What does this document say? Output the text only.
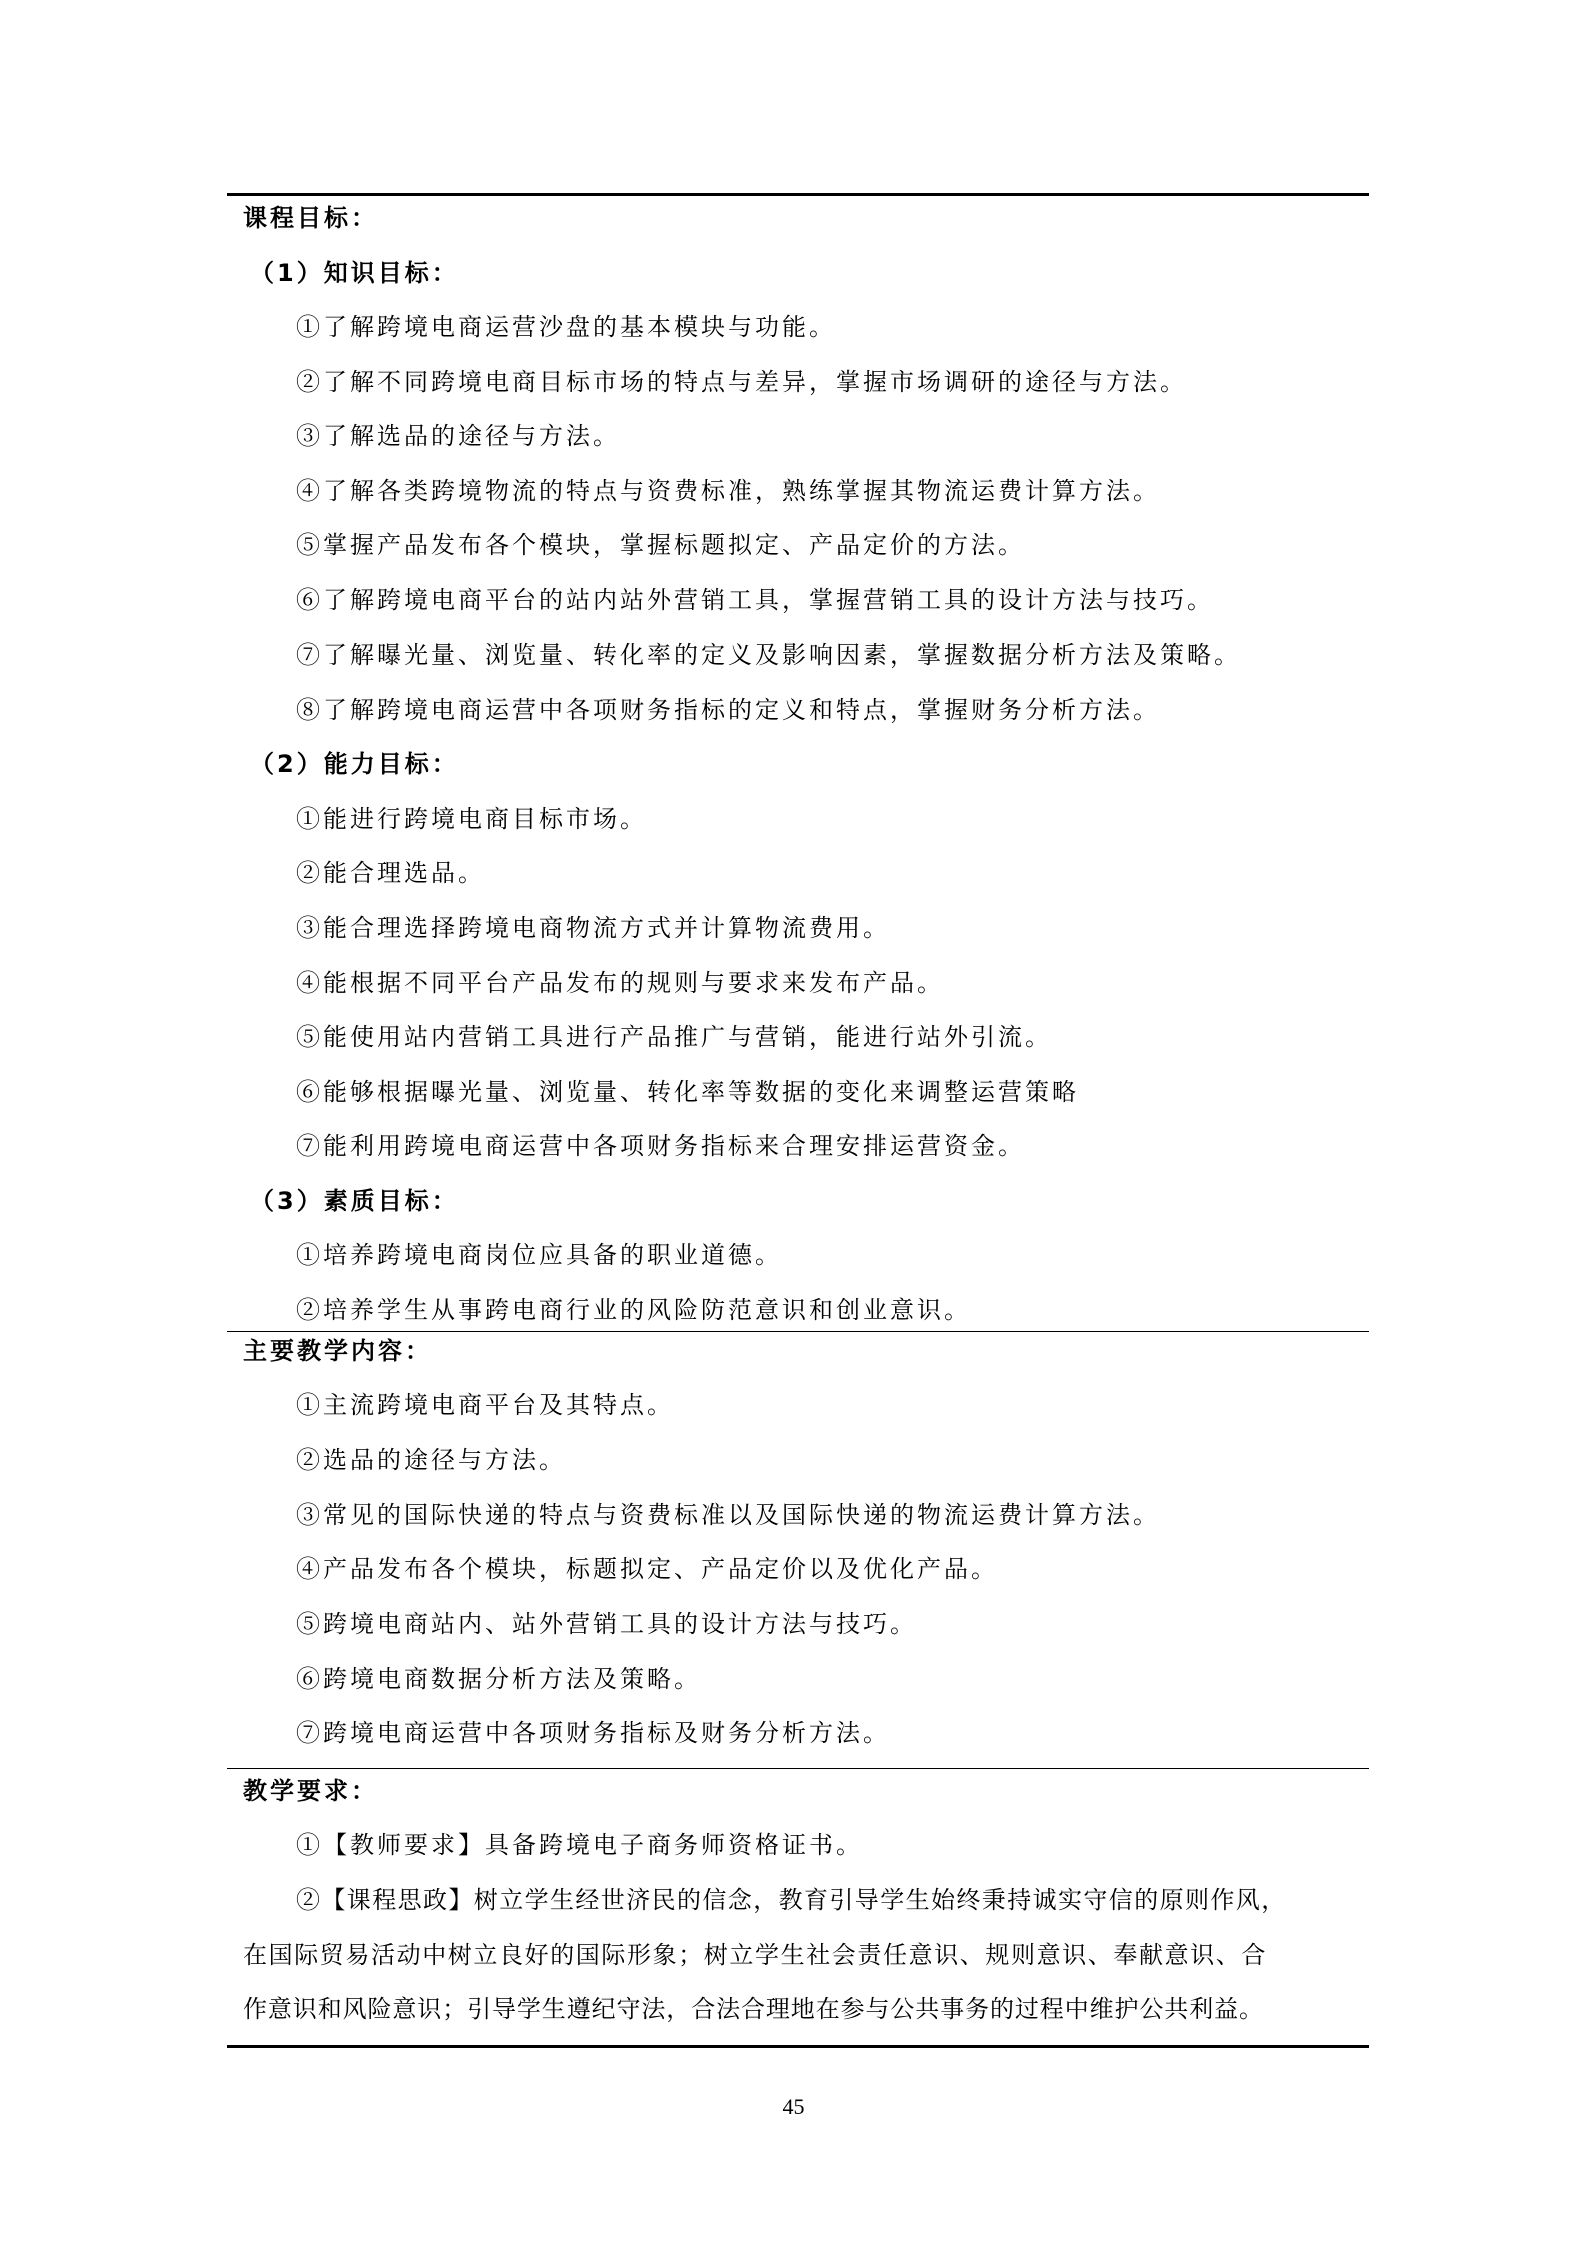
课程目标：
（1）知识目标：
①了解跨境电商运营沙盘的基本模块与功能。
②了解不同跨境电商目标市场的特点与差异，掌握市场调研的途径与方法。
③了解选品的途径与方法。
④了解各类跨境物流的特点与资费标准，熟练掌握其物流运费计算方法。
⑤掌握产品发布各个模块，掌握标题拟定、产品定价的方法。
⑥了解跨境电商平台的站内站外营销工具，掌握营销工具的设计方法与技巧。
⑦了解曝光量、浏览量、转化率的定义及影响因素，掌握数据分析方法及策略。
⑧了解跨境电商运营中各项财务指标的定义和特点，掌握财务分析方法。
（2）能力目标：
①能进行跨境电商目标市场。
②能合理选品。
③能合理选择跨境电商物流方式并计算物流费用。
④能根据不同平台产品发布的规则与要求来发布产品。
⑤能使用站内营销工具进行产品推广与营销，能进行站外引流。
⑥能够根据曝光量、浏览量、转化率等数据的变化来调整运营策略
⑦能利用跨境电商运营中各项财务指标来合理安排运营资金。
（3）素质目标：
①培养跨境电商岗位应具备的职业道德。
②培养学生从事跨电商行业的风险防范意识和创业意识。
主要教学内容：
①主流跨境电商平台及其特点。
②选品的途径与方法。
③常见的国际快递的特点与资费标准以及国际快递的物流运费计算方法。
④产品发布各个模块，标题拟定、产品定价以及优化产品。
⑤跨境电商站内、站外营销工具的设计方法与技巧。
⑥跨境电商数据分析方法及策略。
⑦跨境电商运营中各项财务指标及财务分析方法。
教学要求：
①【教师要求】具备跨境电子商务师资格证书。
②【课程思政】树立学生经世济民的信念，教育引导学生始终秉持诚实守信的原则作风，
在国际贸易活动中树立良好的国际形象；树立学生社会责任意识、规则意识、奉献意识、合
作意识和风险意识；引导学生遵纪守法，合法合理地在参与公共事务的过程中维护公共利益。
45
